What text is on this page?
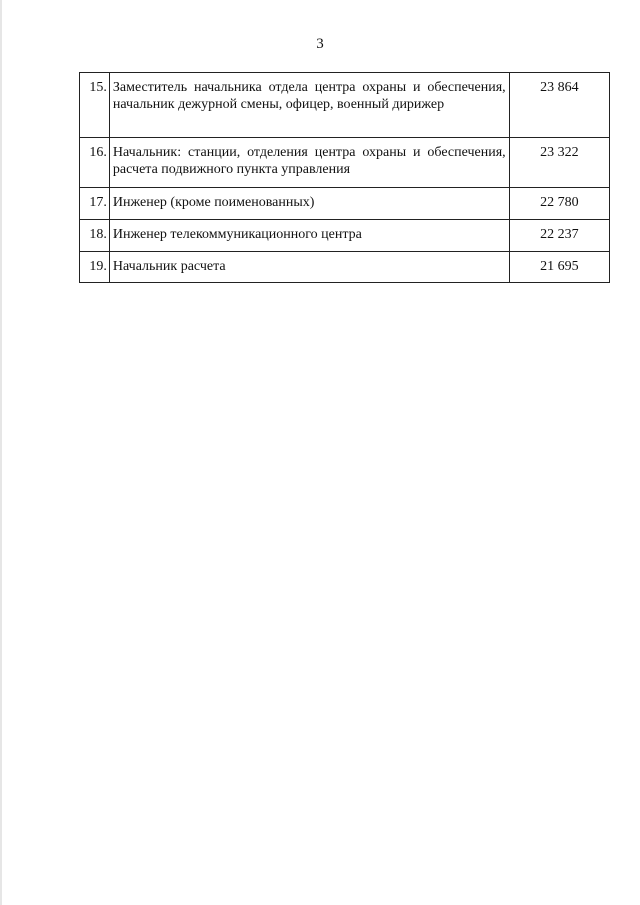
3
15.	Заместитель начальника отдела центра охраны и обеспечения, начальник дежурной смены, офицер, военный дирижер	23 864
16.	Начальник: станции, отделения центра охраны и обеспечения, расчета подвижного пункта управления	23 322
17.	Инженер (кроме поименованных)	22 780
18.	Инженер телекоммуникационного центра	22 237
19.	Начальник расчета	21 695
